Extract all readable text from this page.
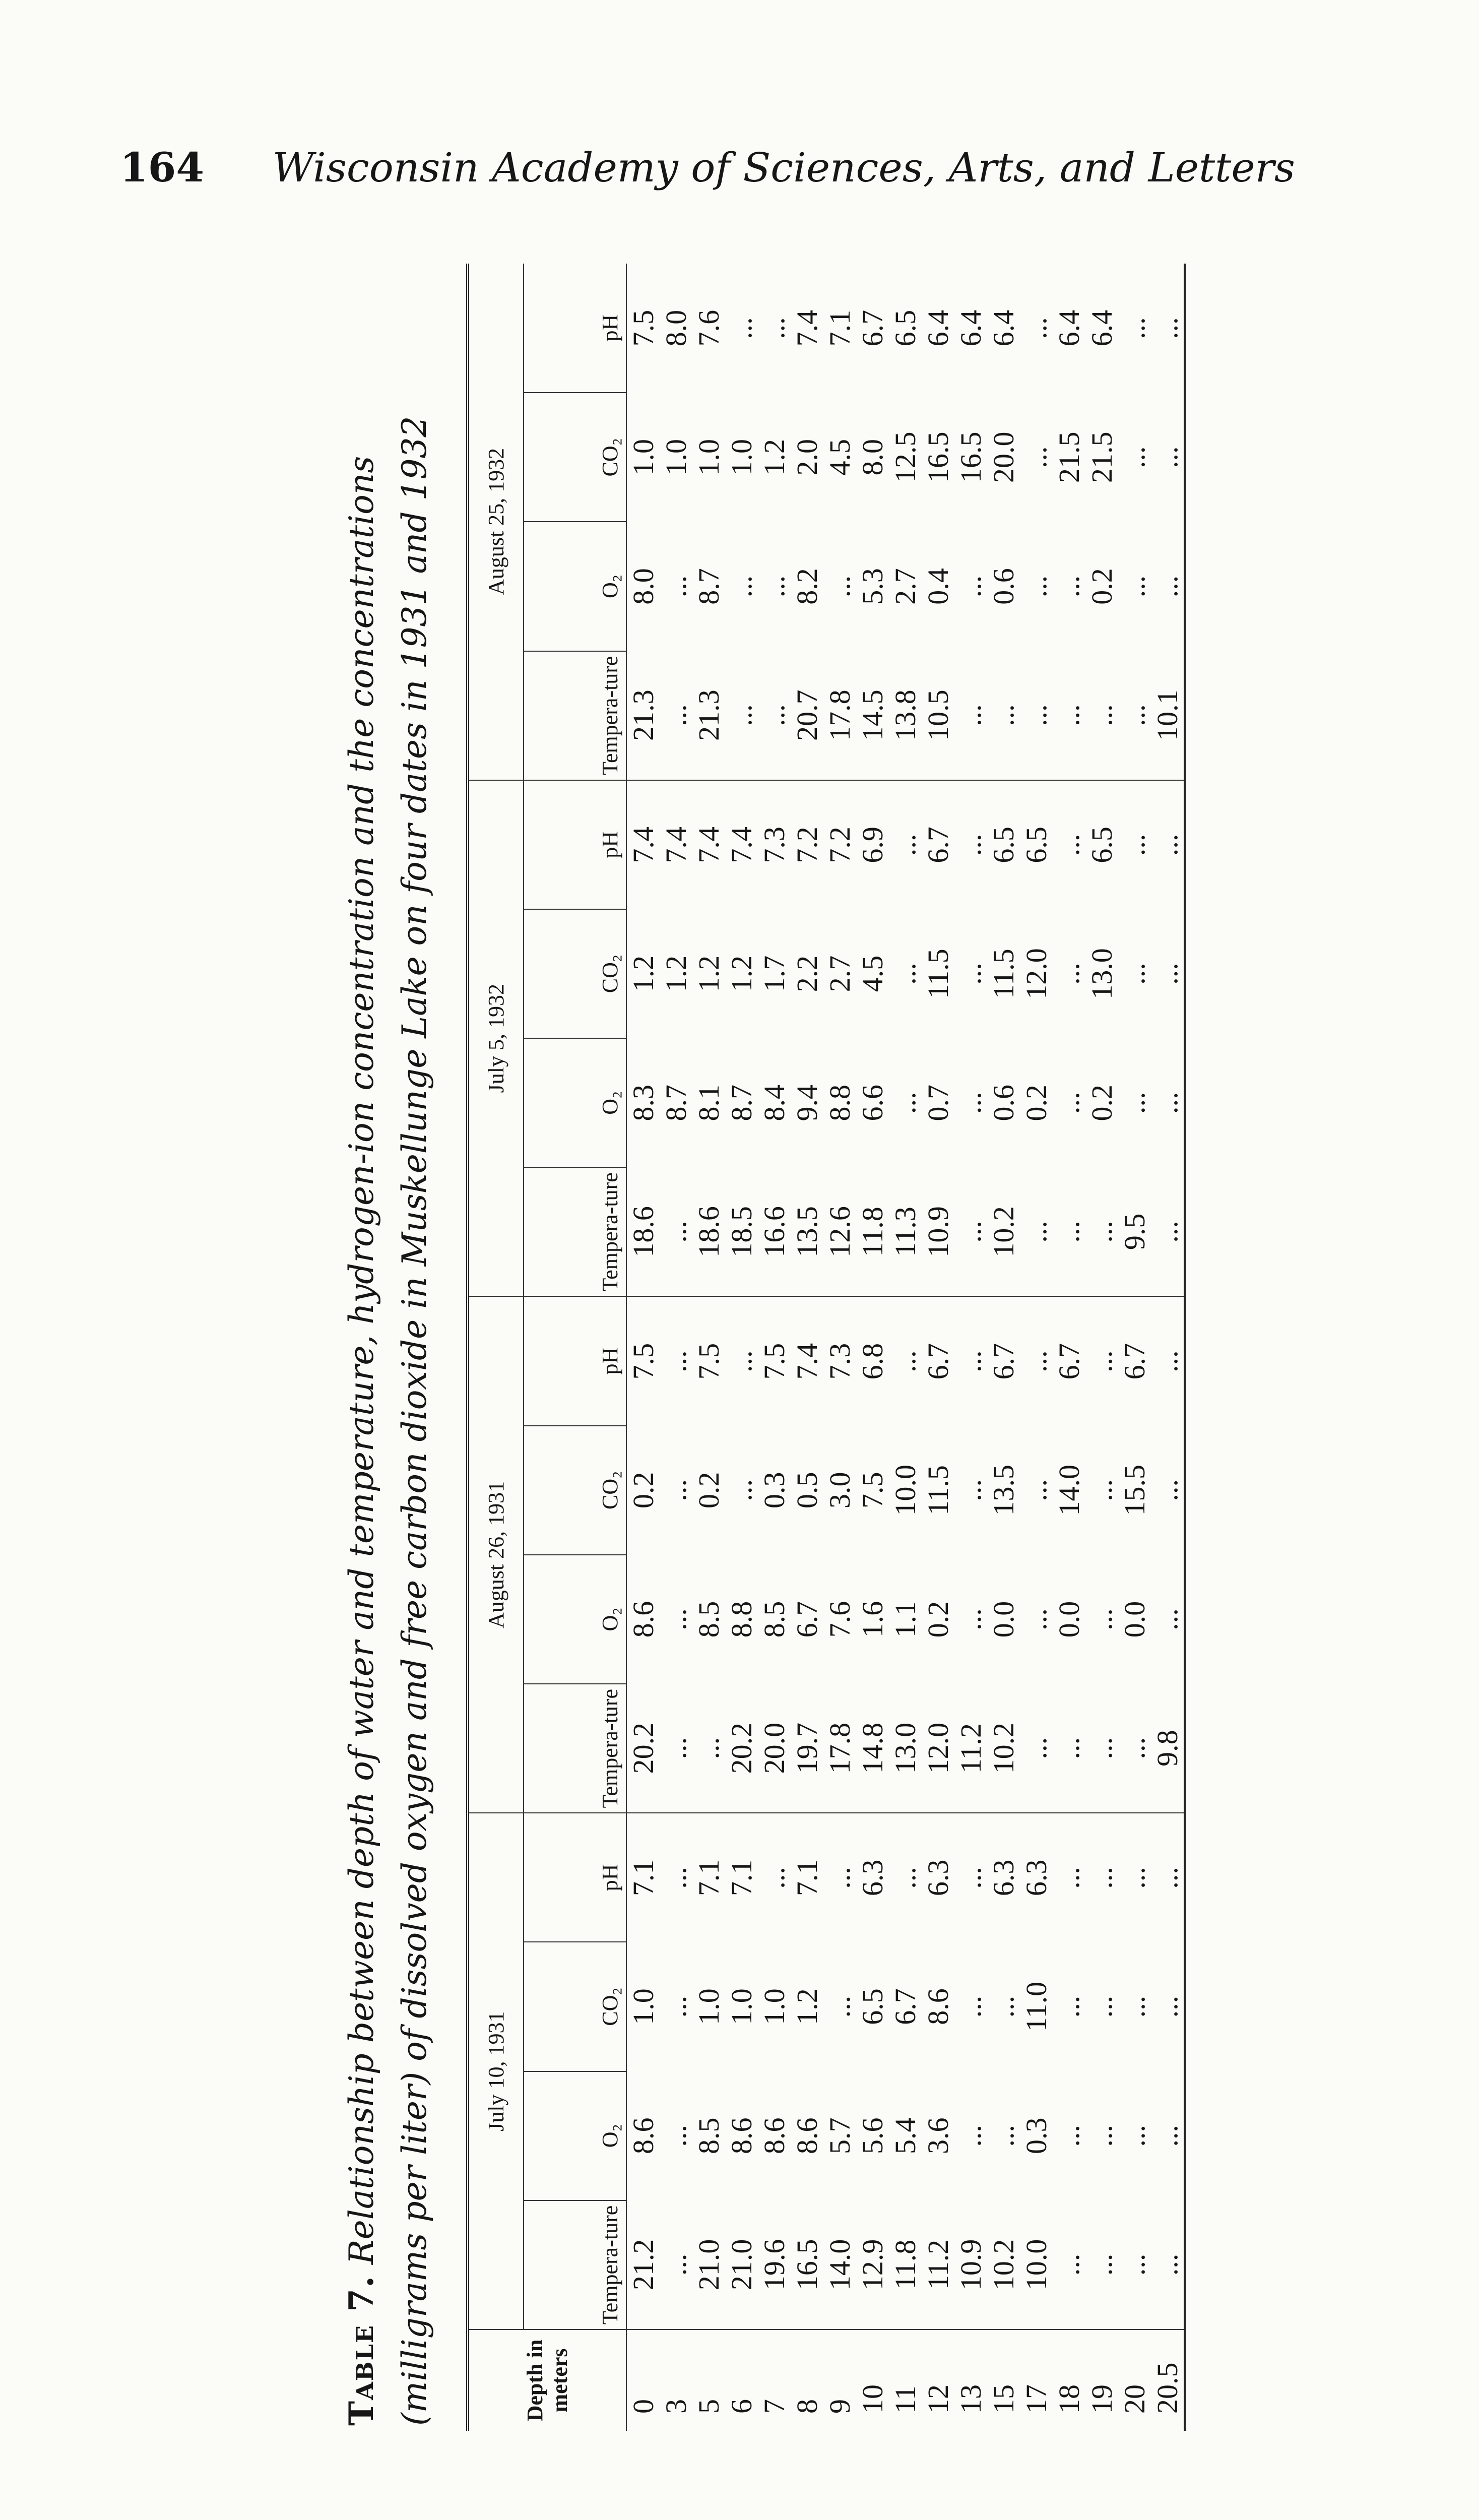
164 Wisconsin Academy of Sciences, Arts, and Letters
Table 7. Relationship between depth of water and temperature, hydrogen-ion concentration and the concentrations (milligrams per liter) of dissolved oxygen and free carbon dioxide in Muskellunge Lake on four dates in 1931 and 1932	Depth in meters	July 10, 1931				August 26, 1931				July 5, 1932				August 25, 1932			
	Tempera-ture	O₂	CO₂	pH	Tempera-ture	O₂	CO₂	pH	Tempera-ture	O₂	CO₂	pH	Tempera-ture	O₂	CO₂	pH
0	21.2	8.6	1.0	7.1	20.2	8.6	0.2	7.5	18.6	8.3	1.2	7.4	21.3	8.0	1.0	7.5
3	...	...	...	...	...	...	...	...	...	8.7	1.2	7.4	...	...	1.0	8.0
5	21.0	8.5	1.0	7.1	...	8.5	0.2	7.5	18.6	8.1	1.2	7.4	21.3	8.7	1.0	7.6
6	21.0	8.6	1.0	7.1	20.2	8.8	...	...	18.5	8.7	1.2	7.4	...	...	1.0	...
7	19.6	8.6	1.0	...	20.0	8.5	0.3	7.5	16.6	8.4	1.7	7.3	...	...	1.2	...
8	16.5	8.6	1.2	7.1	19.7	6.7	0.5	7.4	13.5	9.4	2.2	7.2	20.7	8.2	2.0	7.4
9	14.0	5.7	...	...	17.8	7.6	3.0	7.3	12.6	8.8	2.7	7.2	17.8	...	4.5	7.1
10	12.9	5.6	6.5	6.3	14.8	1.6	7.5	6.8	11.8	6.6	4.5	6.9	14.5	5.3	8.0	6.7
11	11.8	5.4	6.7	...	13.0	1.1	10.0	...	11.3	...	...	...	13.8	2.7	12.5	6.5
12	11.2	3.6	8.6	6.3	12.0	0.2	11.5	6.7	10.9	0.7	11.5	6.7	10.5	0.4	16.5	6.4
13	10.9	...	...	...	11.2	...	...	...	...	...	...	...	...	...	16.5	6.4
15	10.2	...	...	6.3	10.2	0.0	13.5	6.7	10.2	0.6	11.5	6.5	...	0.6	20.0	6.4
17	10.0	0.3	11.0	6.3	...	...	...	...	...	0.2	12.0	6.5	...	...	...	...
18	...	...	...	...	...	0.0	14.0	6.7	...	...	...	...	...	...	21.5	6.4
19	...	...	...	...	...	...	...	...	...	0.2	13.0	6.5	...	0.2	21.5	6.4
20	...	...	...	...	...	0.0	15.5	6.7	9.5	...	...	...	...	...	...	...
20.5	...	...	...	...	9.8	...	...	...	...	...	...	...	10.1	...	...	...
